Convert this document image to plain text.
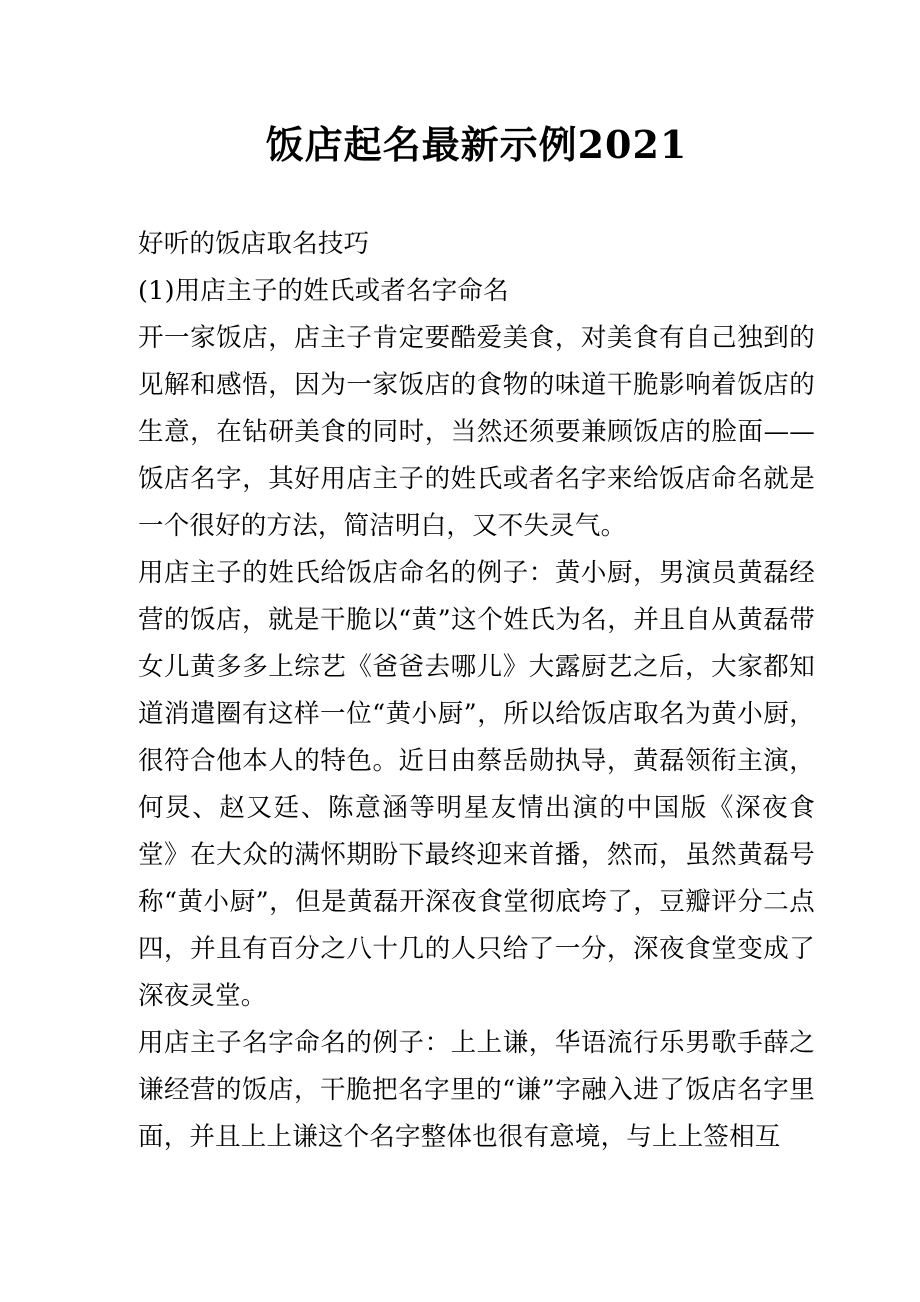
饭店起名最新示例2021

好听的饭店取名技巧

(1)用店主子的姓氏或者名字命名

开一家饭店，店主子肯定要酷爱美食，对美食有自己独到的见解和感悟，因为一家饭店的食物的味道干脆影响着饭店的生意，在钻研美食的同时，当然还须要兼顾饭店的脸面——饭店名字，其好用店主子的姓氏或者名字来给饭店命名就是一个很好的方法，简洁明白，又不失灵气。

用店主子的姓氏给饭店命名的例子：黄小厨，男演员黄磊经营的饭店，就是干脆以“黄”这个姓氏为名，并且自从黄磊带女儿黄多多上综艺《爸爸去哪儿》大露厨艺之后，大家都知道消遣圈有这样一位“黄小厨”，所以给饭店取名为黄小厨，很符合他本人的特色。近日由蔡岳勋执导，黄磊领衔主演，何炅、赵又廷、陈意涵等明星友情出演的中国版《深夜食堂》在大众的满怀期盼下最终迎来首播，然而，虽然黄磊号称“黄小厨”，但是黄磊开深夜食堂彻底垮了，豆瓣评分二点四，并且有百分之八十几的人只给了一分，深夜食堂变成了深夜灵堂。

用店主子名字命名的例子：上上谦，华语流行乐男歌手薛之谦经营的饭店，干脆把名字里的“谦”字融入进了饭店名字里面，并且上上谦这个名字整体也很有意境，与上上签相互
